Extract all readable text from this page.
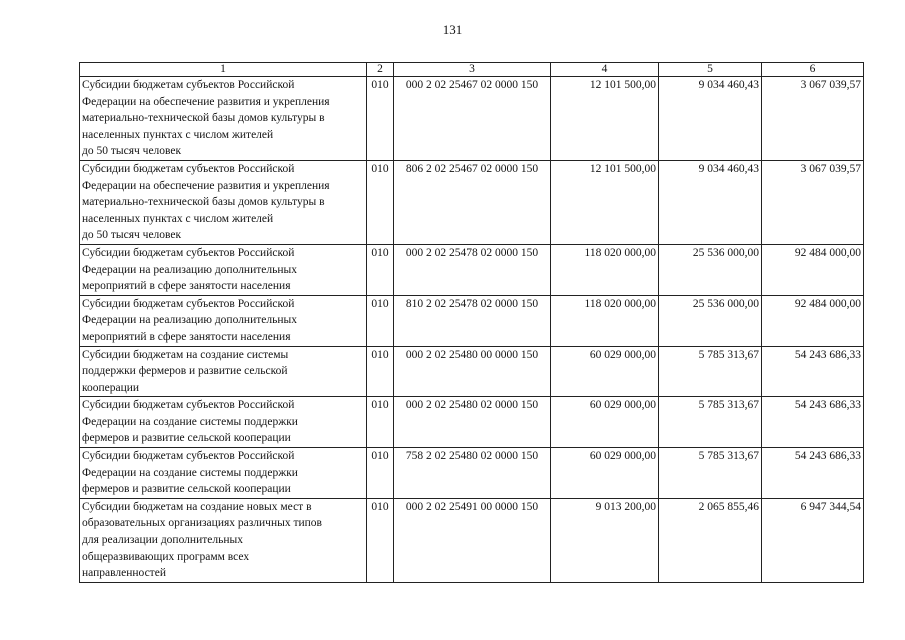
131
1	2	3	4	5	6

Субсидии бюджетам субъектов Российской
Федерации на обеспечение развития и укрепления
материально-технической базы домов культуры в
населенных пунктах с числом жителей
до 50 тысяч человек	010	000 2 02 25467 02 0000 150	12 101 500,00	9 034 460,43	3 067 039,57

Субсидии бюджетам субъектов Российской
Федерации на обеспечение развития и укрепления
материально-технической базы домов культуры в
населенных пунктах с числом жителей
до 50 тысяч человек	010	806 2 02 25467 02 0000 150	12 101 500,00	9 034 460,43	3 067 039,57

Субсидии бюджетам субъектов Российской
Федерации на реализацию дополнительных
мероприятий в сфере занятости населения	010	000 2 02 25478 02 0000 150	118 020 000,00	25 536 000,00	92 484 000,00

Субсидии бюджетам субъектов Российской
Федерации на реализацию дополнительных
мероприятий в сфере занятости населения	010	810 2 02 25478 02 0000 150	118 020 000,00	25 536 000,00	92 484 000,00

Субсидии бюджетам на создание системы
поддержки фермеров и развитие сельской
кооперации	010	000 2 02 25480 00 0000 150	60 029 000,00	5 785 313,67	54 243 686,33

Субсидии бюджетам субъектов Российской
Федерации на создание системы поддержки
фермеров и развитие сельской кооперации	010	000 2 02 25480 02 0000 150	60 029 000,00	5 785 313,67	54 243 686,33

Субсидии бюджетам субъектов Российской
Федерации на создание системы поддержки
фермеров и развитие сельской кооперации	010	758 2 02 25480 02 0000 150	60 029 000,00	5 785 313,67	54 243 686,33

Субсидии бюджетам на создание новых мест в
образовательных организациях различных типов
для реализации дополнительных
общеразвивающих программ всех
направленностей	010	000 2 02 25491 00 0000 150	9 013 200,00	2 065 855,46	6 947 344,54
